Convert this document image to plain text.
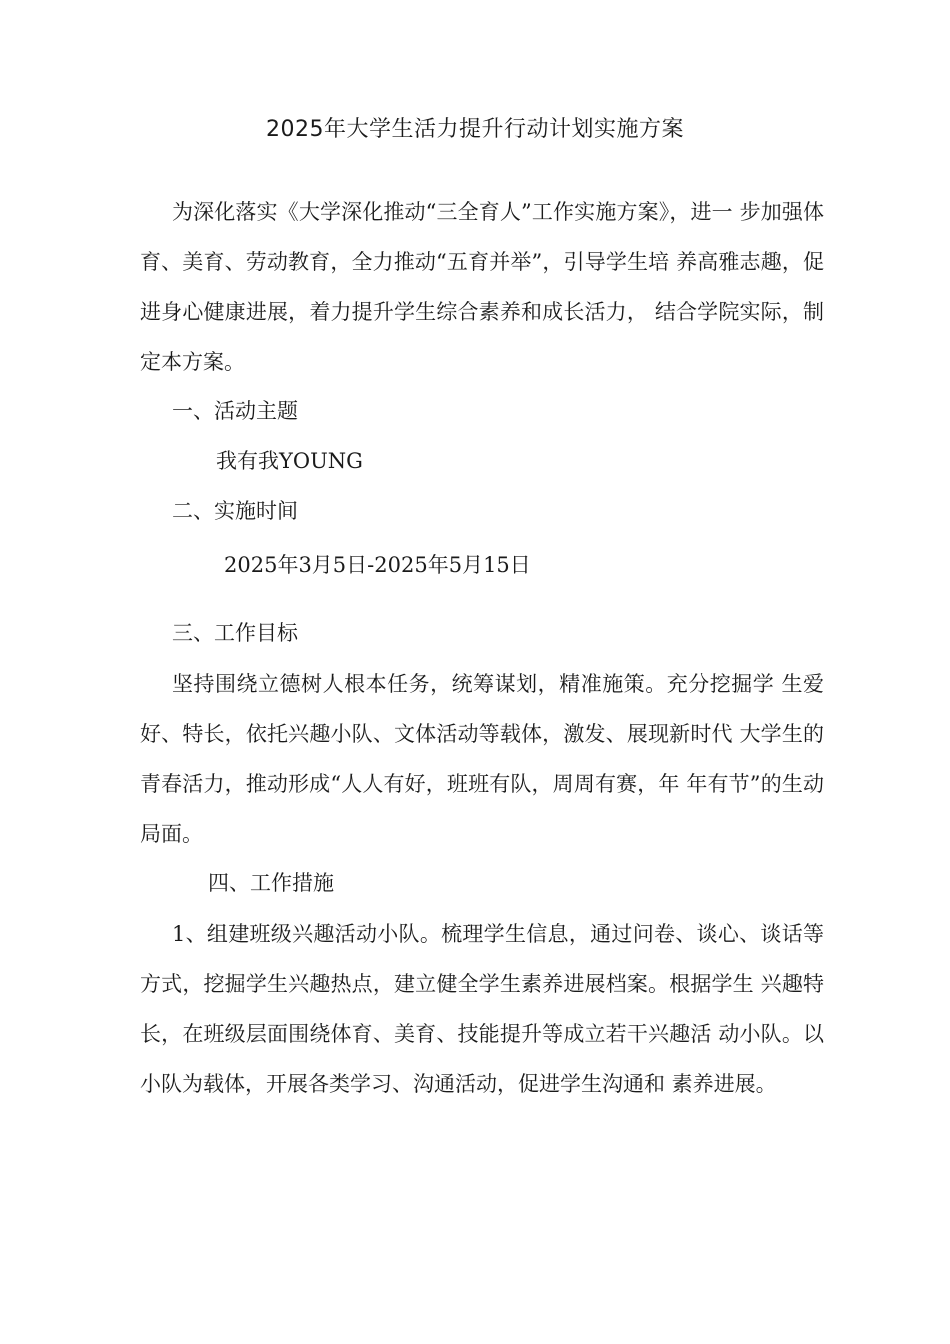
2025年大学生活力提升行动计划实施方案

为深化落实《大学深化推动“三全育人”工作实施方案》，进一 步加强体育、美育、劳动教育，全力推动“五育并举”，引导学生培 养高雅志趣，促进身心健康进展，着力提升学生综合素养和成长活力， 结合学院实际，制定本方案。

一、活动主题

我有我YOUNG

二、实施时间

2025年3月5日-2025年5月15日

三、工作目标

坚持围绕立德树人根本任务，统筹谋划，精准施策。充分挖掘学 生爱好、特长，依托兴趣小队、文体活动等载体，激发、展现新时代 大学生的青春活力，推动形成“人人有好，班班有队，周周有赛，年 年有节”的生动局面。

四、工作措施

1、组建班级兴趣活动小队。梳理学生信息，通过问卷、谈心、谈话等方式，挖掘学生兴趣热点，建立健全学生素养进展档案。根据学生 兴趣特长，在班级层面围绕体育、美育、技能提升等成立若干兴趣活 动小队。以小队为载体，开展各类学习、沟通活动，促进学生沟通和 素养进展。
